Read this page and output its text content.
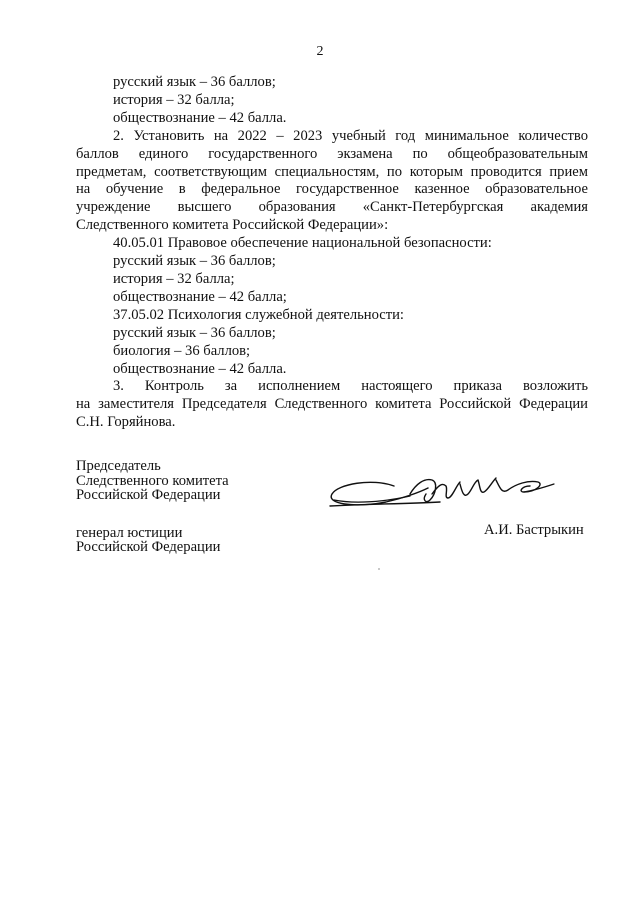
2
русский язык – 36 баллов;
история – 32 балла;
обществознание – 42 балла.
2. Установить на 2022 – 2023 учебный год минимальное количество
баллов единого государственного экзамена по общеобразовательным
предметам, соответствующим специальностям, по которым проводится прием
на обучение в федеральное государственное казенное образовательное
учреждение высшего образования «Санкт-Петербургская академия
Следственного комитета Российской Федерации»:
40.05.01 Правовое обеспечение национальной безопасности:
русский язык – 36 баллов;
история – 32 балла;
обществознание – 42 балла;
37.05.02 Психология служебной деятельности:
русский язык – 36 баллов;
биология – 36 баллов;
обществознание – 42 балла.
3. Контроль за исполнением настоящего приказа возложить
на заместителя Председателя Следственного комитета Российской Федерации
С.Н. Горяйнова.
Председатель
Следственного комитета
Российской Федерации
генерал юстиции
Российской Федерации
А.И. Бастрыкин
